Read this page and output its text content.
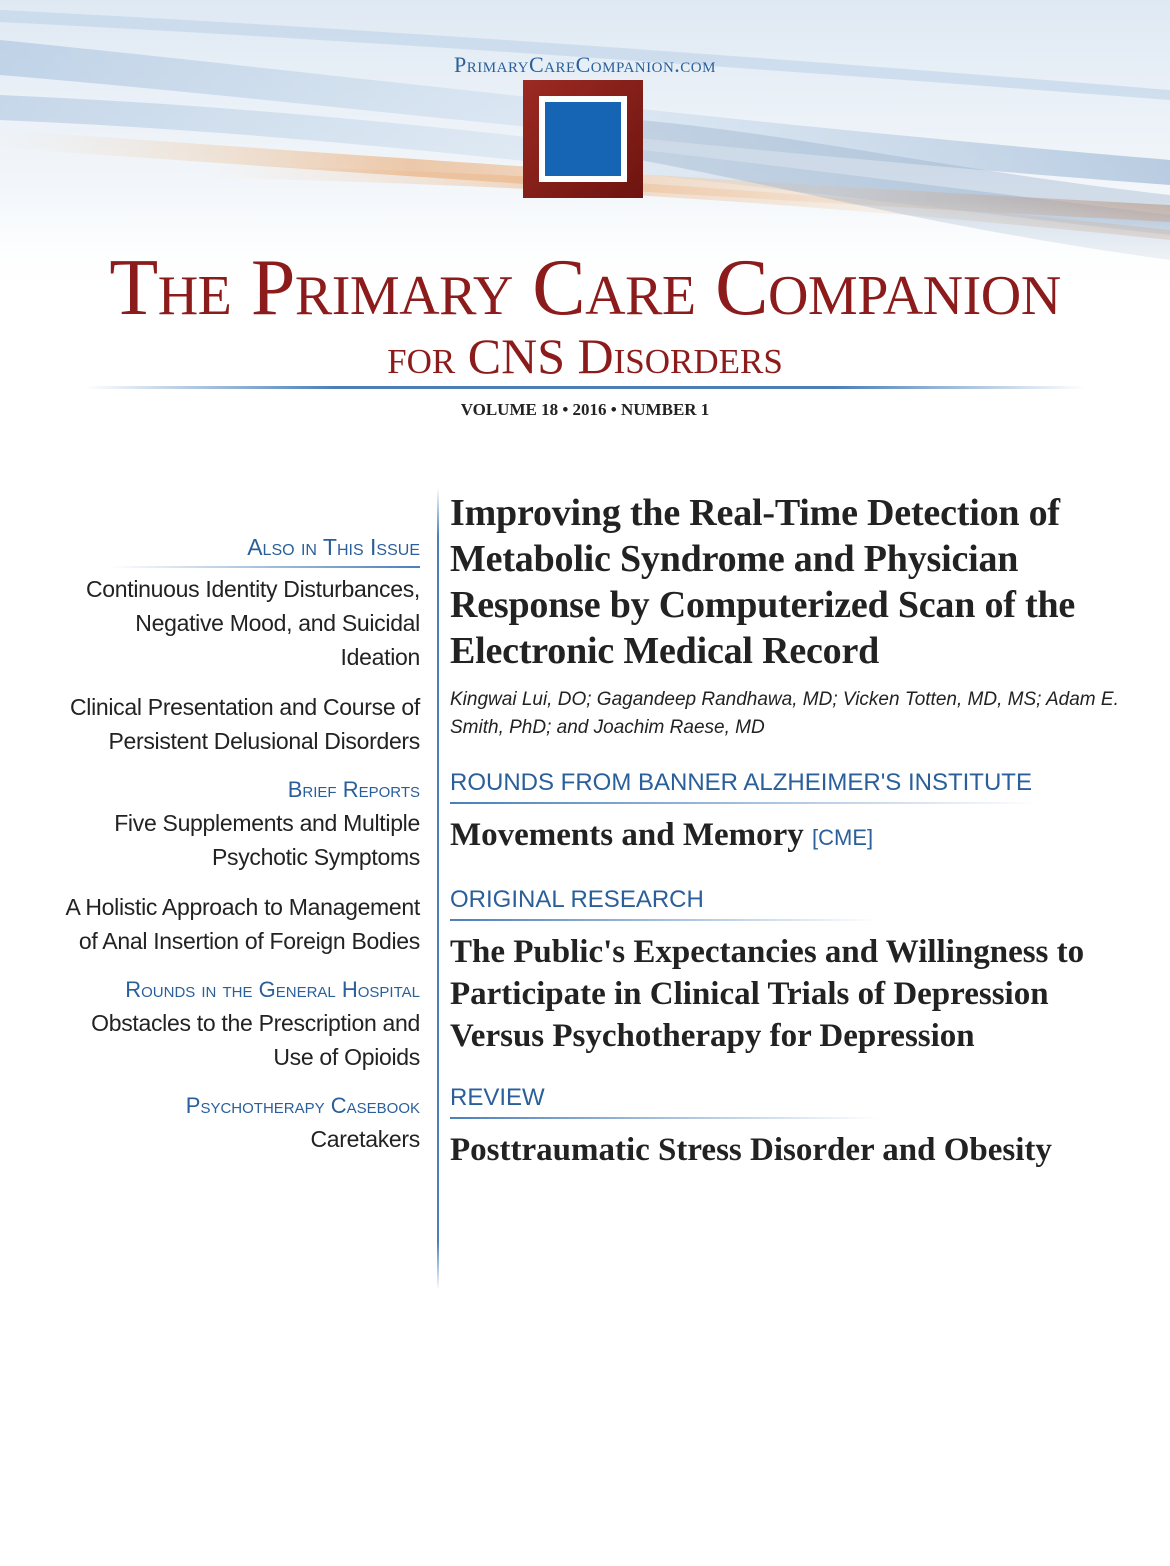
PrimaryCareCompanion.com
The Primary Care Companion
for CNS Disorders
VOLUME 18 • 2016 • NUMBER 1
Also in This Issue
Continuous Identity Disturbances, Negative Mood, and Suicidal Ideation
Clinical Presentation and Course of Persistent Delusional Disorders
Brief Reports
Five Supplements and Multiple Psychotic Symptoms
A Holistic Approach to Management of Anal Insertion of Foreign Bodies
Rounds in the General Hospital
Obstacles to the Prescription and Use of Opioids
Psychotherapy Casebook
Caretakers
Improving the Real-Time Detection of Metabolic Syndrome and Physician Response by Computerized Scan of the Electronic Medical Record
Kingwai Lui, DO; Gagandeep Randhawa, MD; Vicken Totten, MD, MS; Adam E. Smith, PhD; and Joachim Raese, MD
ROUNDS FROM BANNER ALZHEIMER'S INSTITUTE
Movements and Memory [CME]
ORIGINAL RESEARCH
The Public's Expectancies and Willingness to Participate in Clinical Trials of Depression Versus Psychotherapy for Depression
REVIEW
Posttraumatic Stress Disorder and Obesity
